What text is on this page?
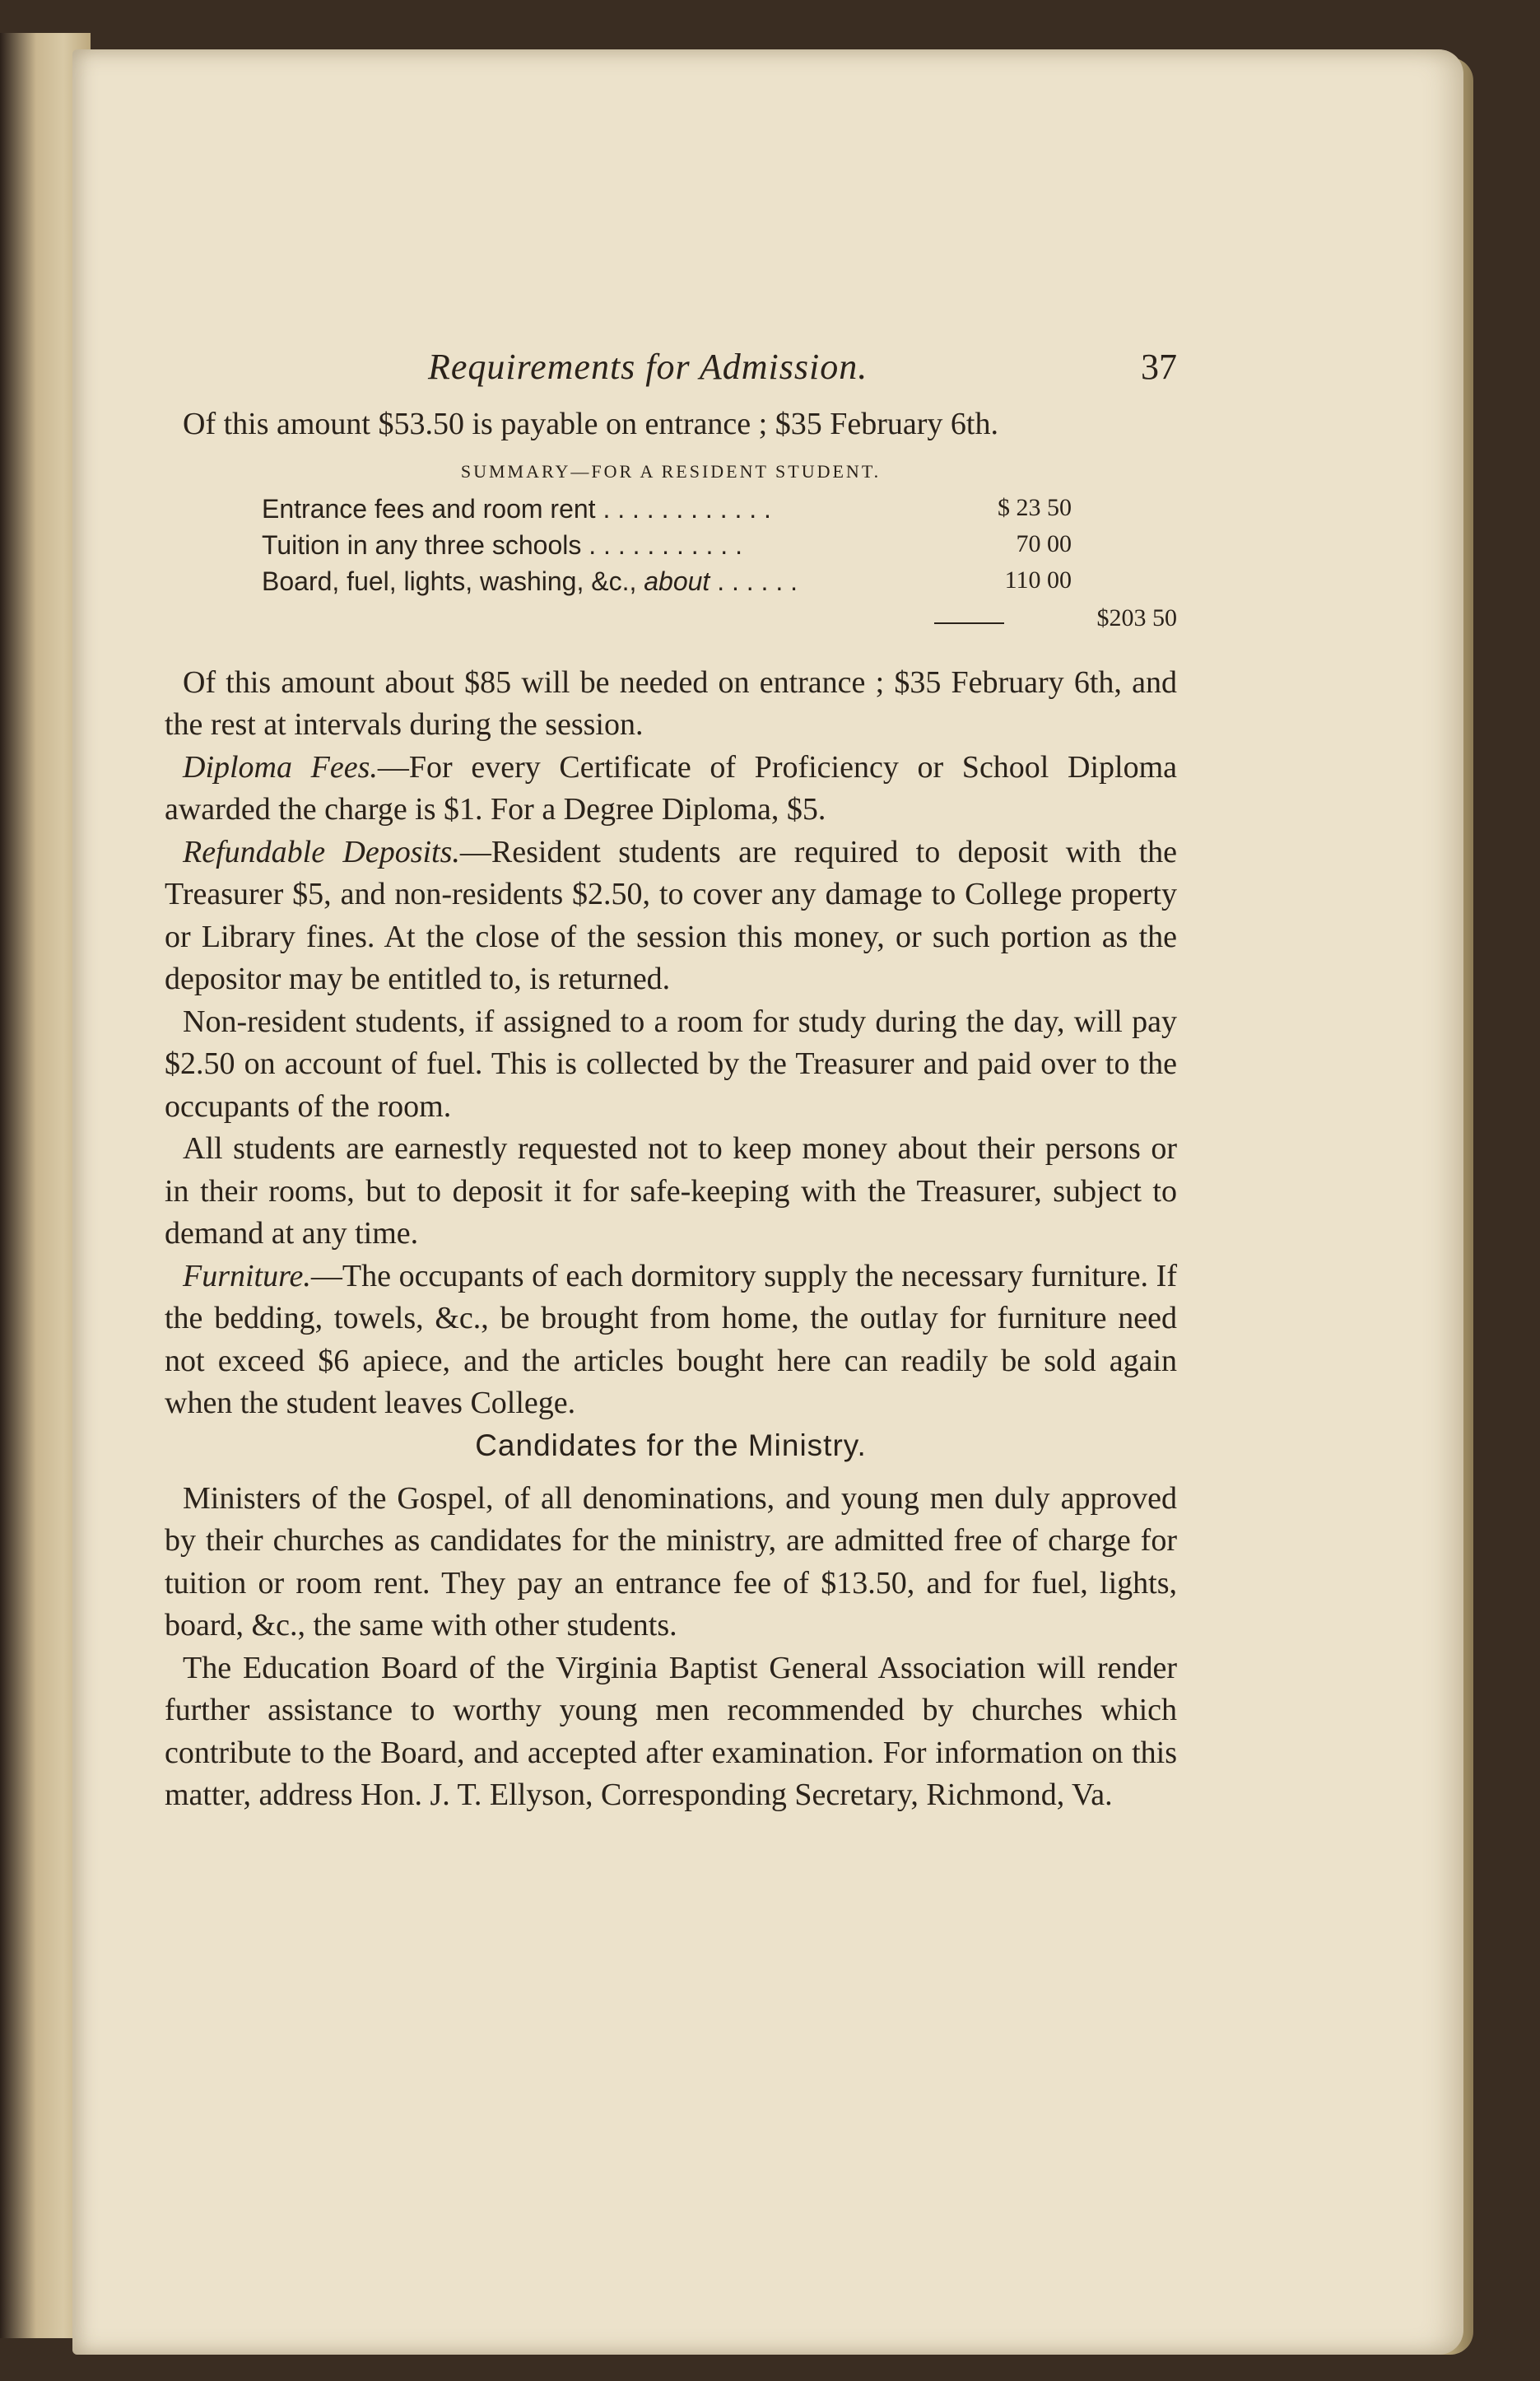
Requirements for Admission.	37

Of this amount $53.50 is payable on entrance ; $35 February 6th.

SUMMARY—FOR A RESIDENT STUDENT.
Entrance fees and room rent . . . . . . . . . . . .	$ 23 50
Tuition in any three schools . . . . . . . . . . .	70 00
Board, fuel, lights, washing, &c., about . . . . . .	110 00
$203 50

Of this amount about $85 will be needed on entrance ; $35 February 6th, and the rest at intervals during the session.

Diploma Fees.—For every Certificate of Proficiency or School Diploma awarded the charge is $1. For a Degree Diploma, $5.

Refundable Deposits.—Resident students are required to deposit with the Treasurer $5, and non-residents $2.50, to cover any damage to College property or Library fines. At the close of the session this money, or such portion as the depositor may be entitled to, is returned.

Non-resident students, if assigned to a room for study during the day, will pay $2.50 on account of fuel. This is collected by the Treasurer and paid over to the occupants of the room.

All students are earnestly requested not to keep money about their persons or in their rooms, but to deposit it for safe-keeping with the Treasurer, subject to demand at any time.

Furniture.—The occupants of each dormitory supply the necessary furniture. If the bedding, towels, &c., be brought from home, the outlay for furniture need not exceed $6 apiece, and the articles bought here can readily be sold again when the student leaves College.

Candidates for the Ministry.

Ministers of the Gospel, of all denominations, and young men duly approved by their churches as candidates for the ministry, are admitted free of charge for tuition or room rent. They pay an entrance fee of $13.50, and for fuel, lights, board, &c., the same with other students.

The Education Board of the Virginia Baptist General Association will render further assistance to worthy young men recommended by churches which contribute to the Board, and accepted after examination. For information on this matter, address Hon. J. T. Ellyson, Corresponding Secretary, Richmond, Va.
